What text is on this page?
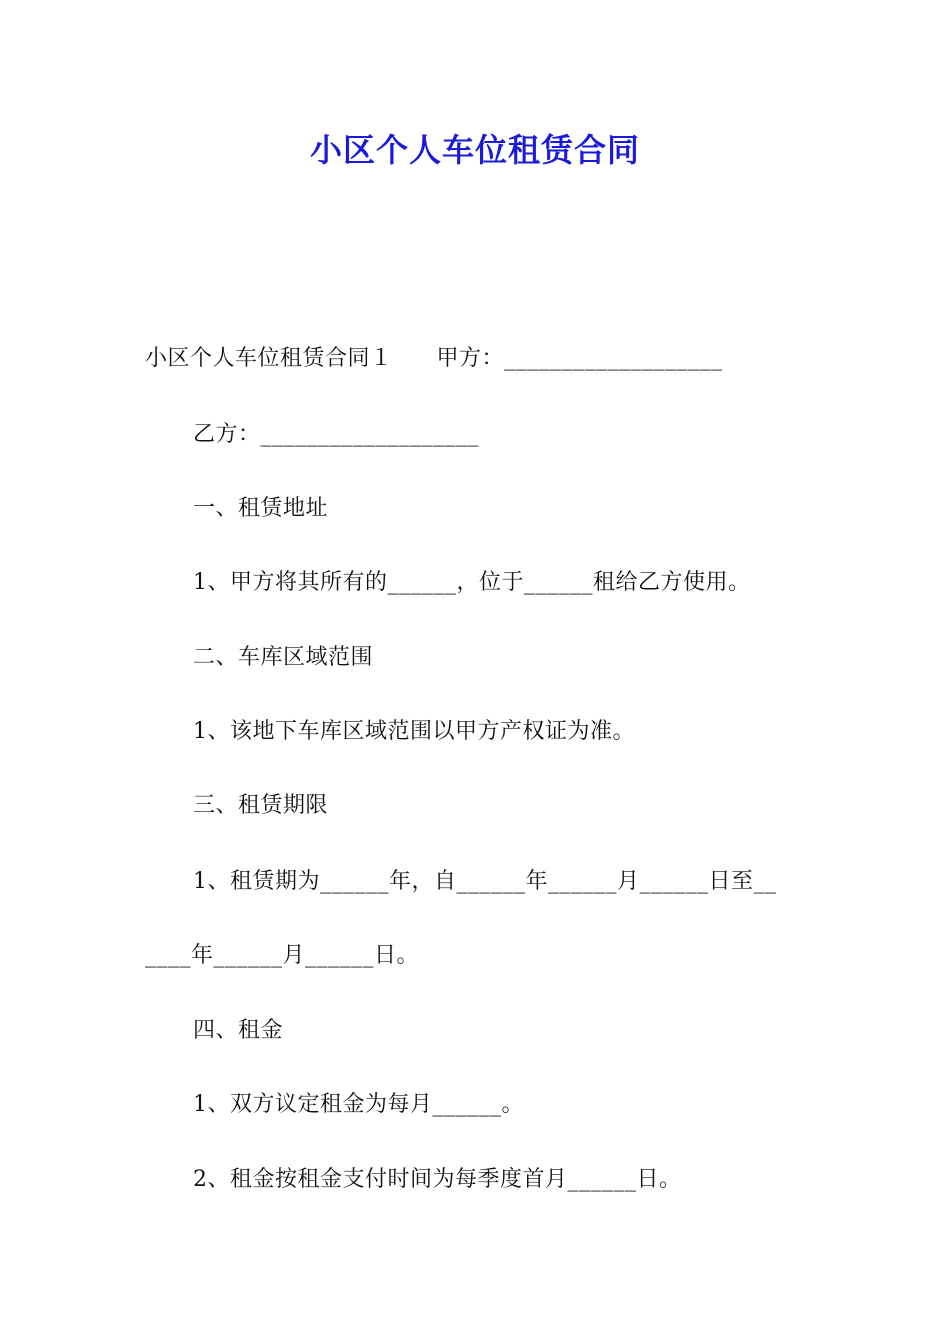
小区个人车位租赁合同
小区个人车位租赁合同１ 甲方：___________________
乙方：___________________
一、租赁地址
1、甲方将其所有的______，位于______租给乙方使用。
二、车库区域范围
1、该地下车库区域范围以甲方产权证为准。
三、租赁期限
1、租赁期为______年，自______年______月______日至__
____年______月______日。
四、租金
1、双方议定租金为每月______。
2、租金按租金支付时间为每季度首月______日。
